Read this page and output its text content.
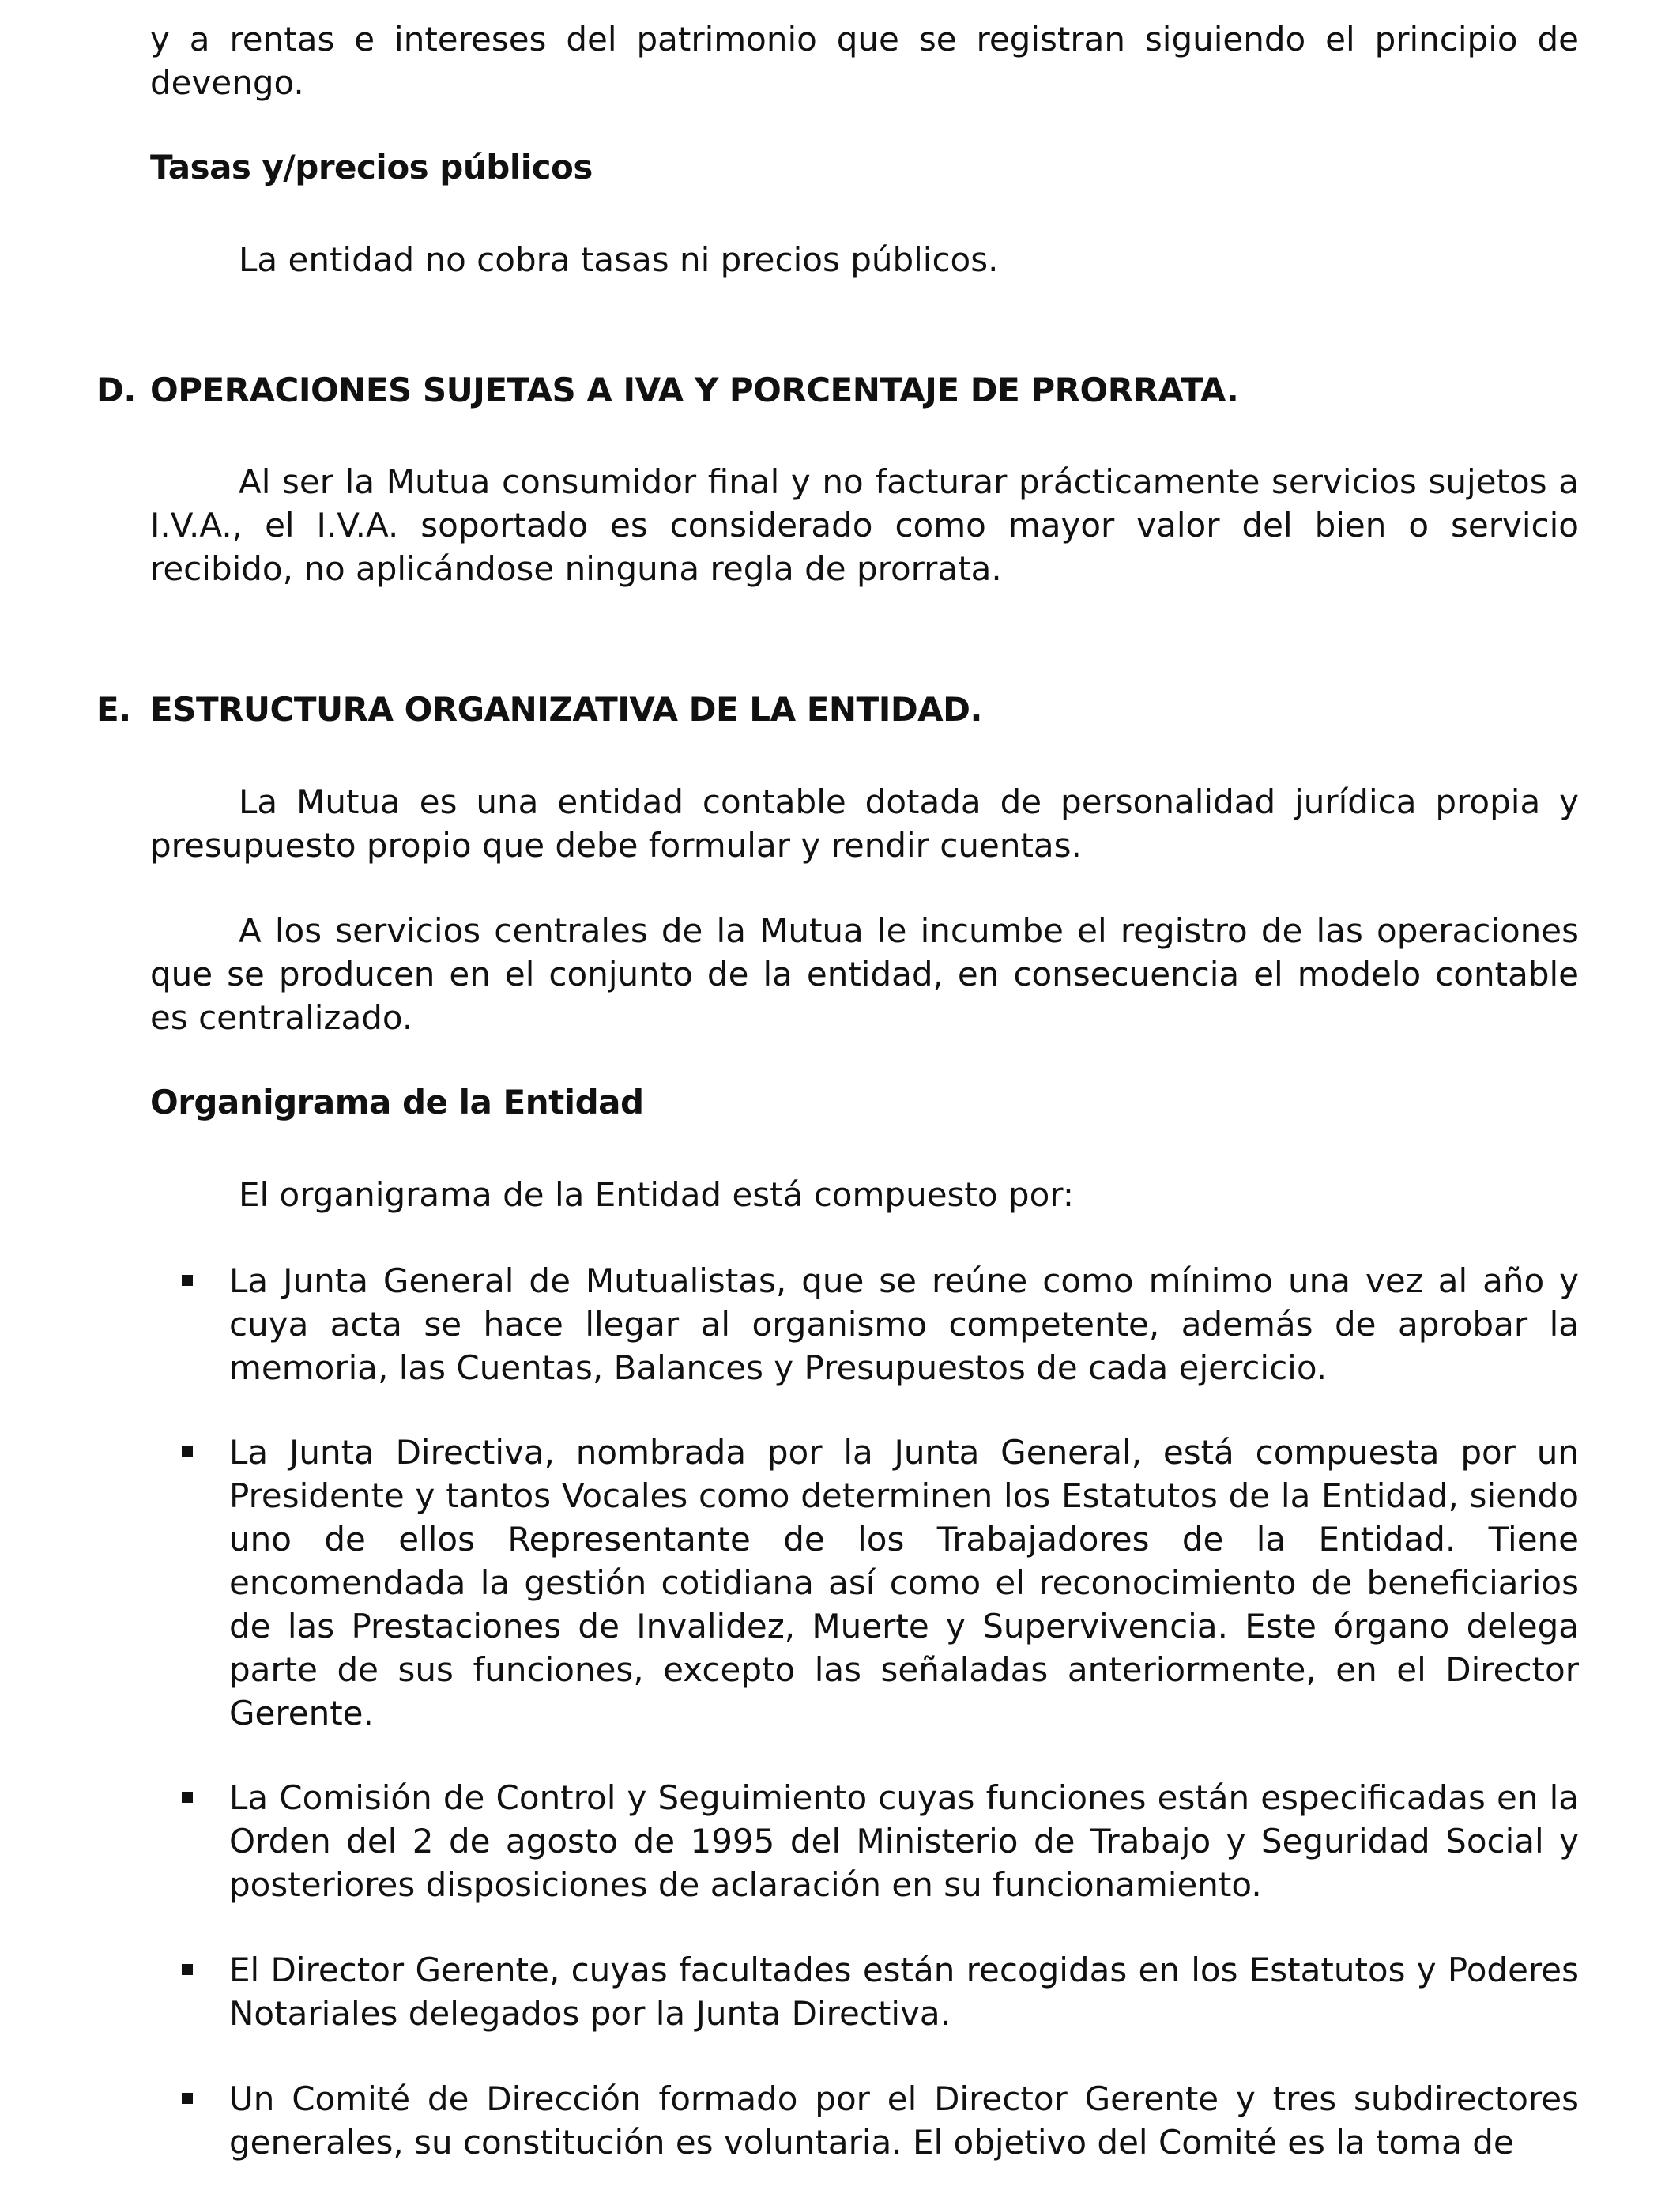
y a rentas e intereses del patrimonio que se registran siguiendo el principio de devengo.

Tasas y/precios públicos

La entidad no cobra tasas ni precios públicos.

D. OPERACIONES SUJETAS A IVA Y PORCENTAJE DE PRORRATA.

Al ser la Mutua consumidor final y no facturar prácticamente servicios sujetos a I.V.A., el I.V.A. soportado es considerado como mayor valor del bien o servicio recibido, no aplicándose ninguna regla de prorrata.

E. ESTRUCTURA ORGANIZATIVA DE LA ENTIDAD.

La Mutua es una entidad contable dotada de personalidad jurídica propia y presupuesto propio que debe formular y rendir cuentas.

A los servicios centrales de la Mutua le incumbe el registro de las operaciones que se producen en el conjunto de la entidad, en consecuencia el modelo contable es centralizado.

Organigrama de la Entidad

El organigrama de la Entidad está compuesto por:

La Junta General de Mutualistas, que se reúne como mínimo una vez al año y cuya acta se hace llegar al organismo competente, además de aprobar la memoria, las Cuentas, Balances y Presupuestos de cada ejercicio.
La Junta Directiva, nombrada por la Junta General, está compuesta por un Presidente y tantos Vocales como determinen los Estatutos de la Entidad, siendo uno de ellos Representante de los Trabajadores de la Entidad. Tiene encomendada la gestión cotidiana así como el reconocimiento de beneficiarios de las Prestaciones de Invalidez, Muerte y Supervivencia. Este órgano delega parte de sus funciones, excepto las señaladas anteriormente, en el Director Gerente.
La Comisión de Control y Seguimiento cuyas funciones están especificadas en la Orden del 2 de agosto de 1995 del Ministerio de Trabajo y Seguridad Social y posteriores disposiciones de aclaración en su funcionamiento.
El Director Gerente, cuyas facultades están recogidas en los Estatutos y Poderes Notariales delegados por la Junta Directiva.
Un Comité de Dirección formado por el Director Gerente y tres subdirectores generales, su constitución es voluntaria. El objetivo del Comité es la toma de
